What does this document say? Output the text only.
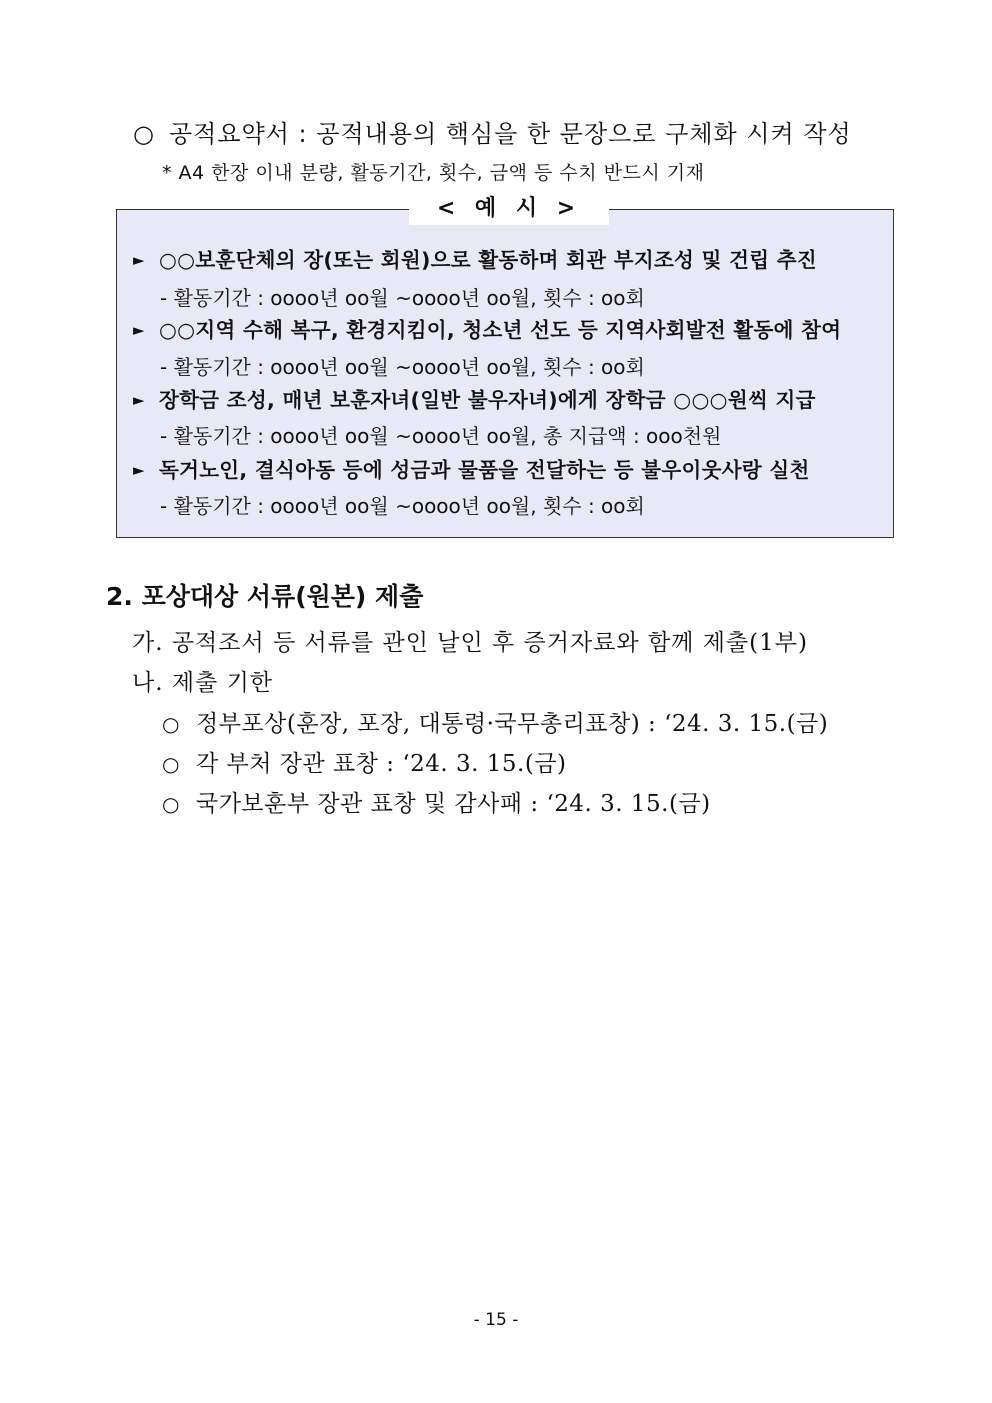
○ 공적요약서 : 공적내용의 핵심을 한 문장으로 구체화 시켜 작성
* A4 한장 이내 분량, 활동기간, 횟수, 금액 등 수치 반드시 기재
< 예 시 >
► ○○보훈단체의 장(또는 회원)으로 활동하며 회관 부지조성 및 건립 추진
- 활동기간 : oooo년 oo월 ~oooo년 oo월, 횟수 : oo회
► ○○지역 수해 복구, 환경지킴이, 청소년 선도 등 지역사회발전 활동에 참여
- 활동기간 : oooo년 oo월 ~oooo년 oo월, 횟수 : oo회
► 장학금 조성, 매년 보훈자녀(일반 불우자녀)에게 장학금 ○○○원씩 지급
- 활동기간 : oooo년 oo월 ~oooo년 oo월, 총 지급액 : ooo천원
► 독거노인, 결식아동 등에 성금과 물품을 전달하는 등 불우이웃사랑 실천
- 활동기간 : oooo년 oo월 ~oooo년 oo월, 횟수 : oo회
2. 포상대상 서류(원본) 제출
가. 공적조서 등 서류를 관인 날인 후 증거자료와 함께 제출(1부)
나. 제출 기한
○ 정부포상(훈장, 포장, 대통령·국무총리표창) : ‘24. 3. 15.(금)
○ 각 부처 장관 표창 : ‘24. 3. 15.(금)
○ 국가보훈부 장관 표창 및 감사패 : ‘24. 3. 15.(금)
- 15 -
